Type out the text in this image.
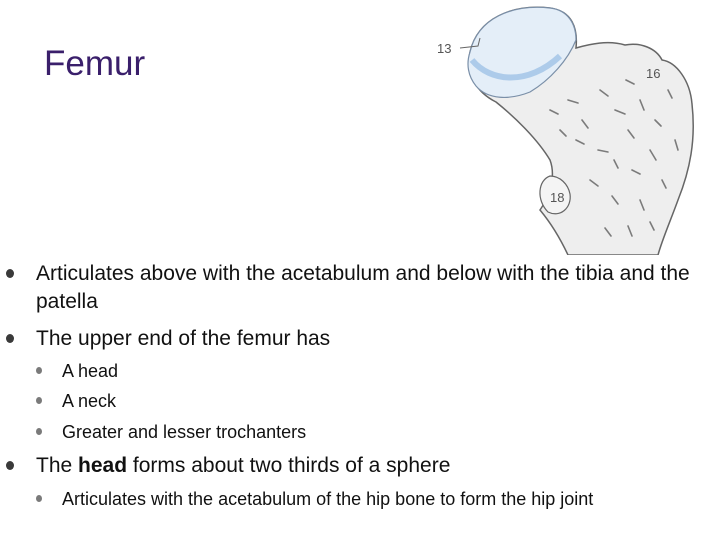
Femur	13
16
18
Articulates above with the acetabulum and below with the tibia and the patella
The upper end of the femur has
A head
A neck
Greater and lesser trochanters
The head forms about two thirds of a sphere
Articulates with the acetabulum of the hip bone to form the hip joint
